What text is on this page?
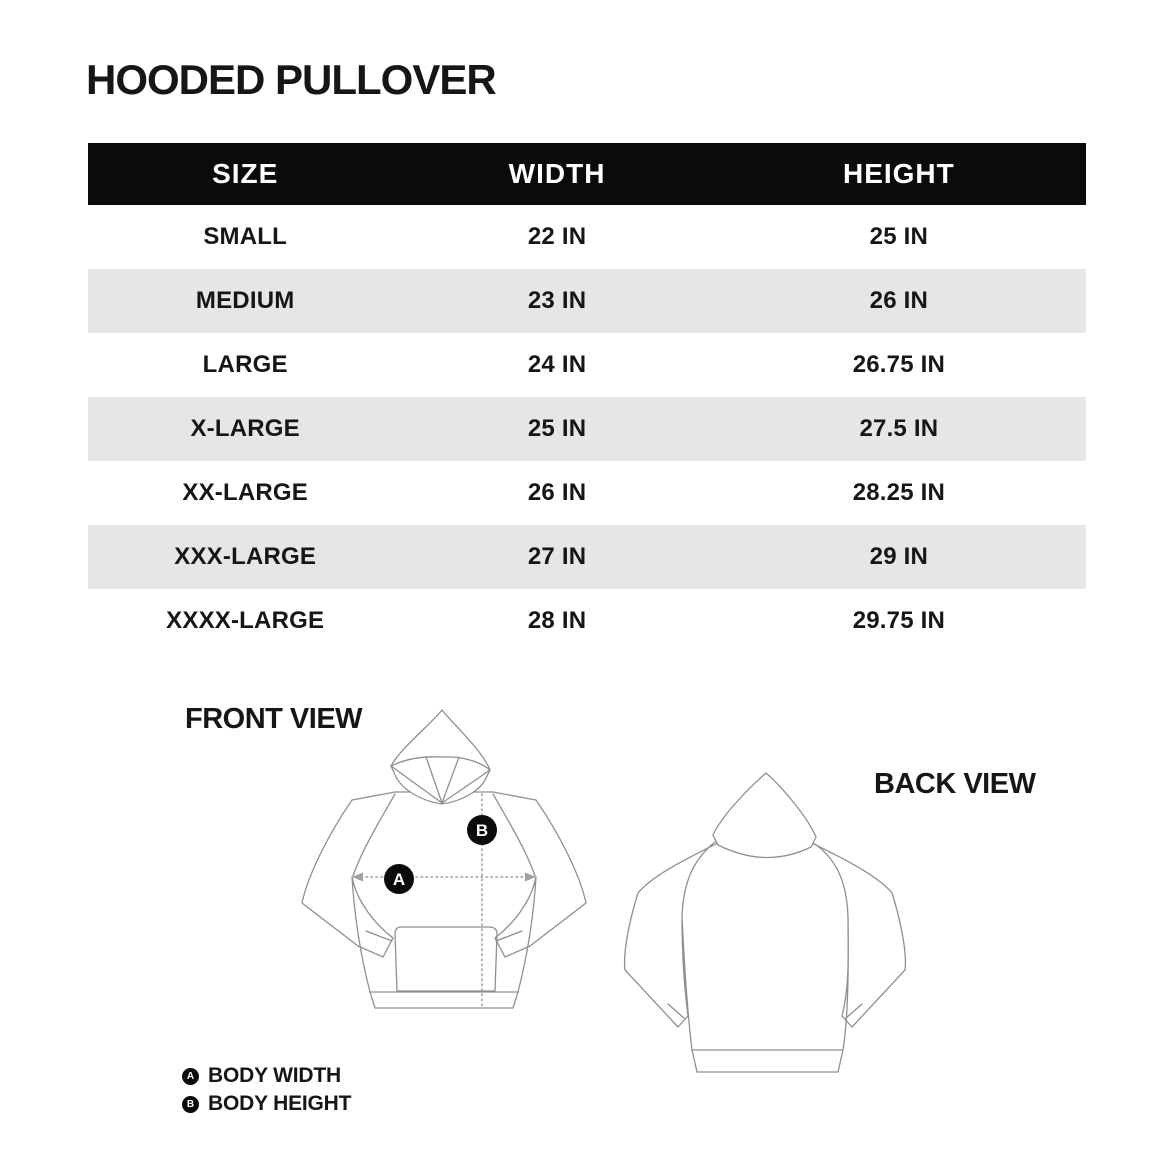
HOODED PULLOVER
SIZE	WIDTH	HEIGHT
SMALL	22 IN	25 IN
MEDIUM	23 IN	26 IN
LARGE	24 IN	26.75 IN
X-LARGE	25 IN	27.5 IN
XX-LARGE	26 IN	28.25 IN
XXX-LARGE	27 IN	29 IN
XXXX-LARGE	28 IN	29.75 IN
FRONT VIEW
BACK VIEW
A
B
A BODY WIDTH
B BODY HEIGHT
